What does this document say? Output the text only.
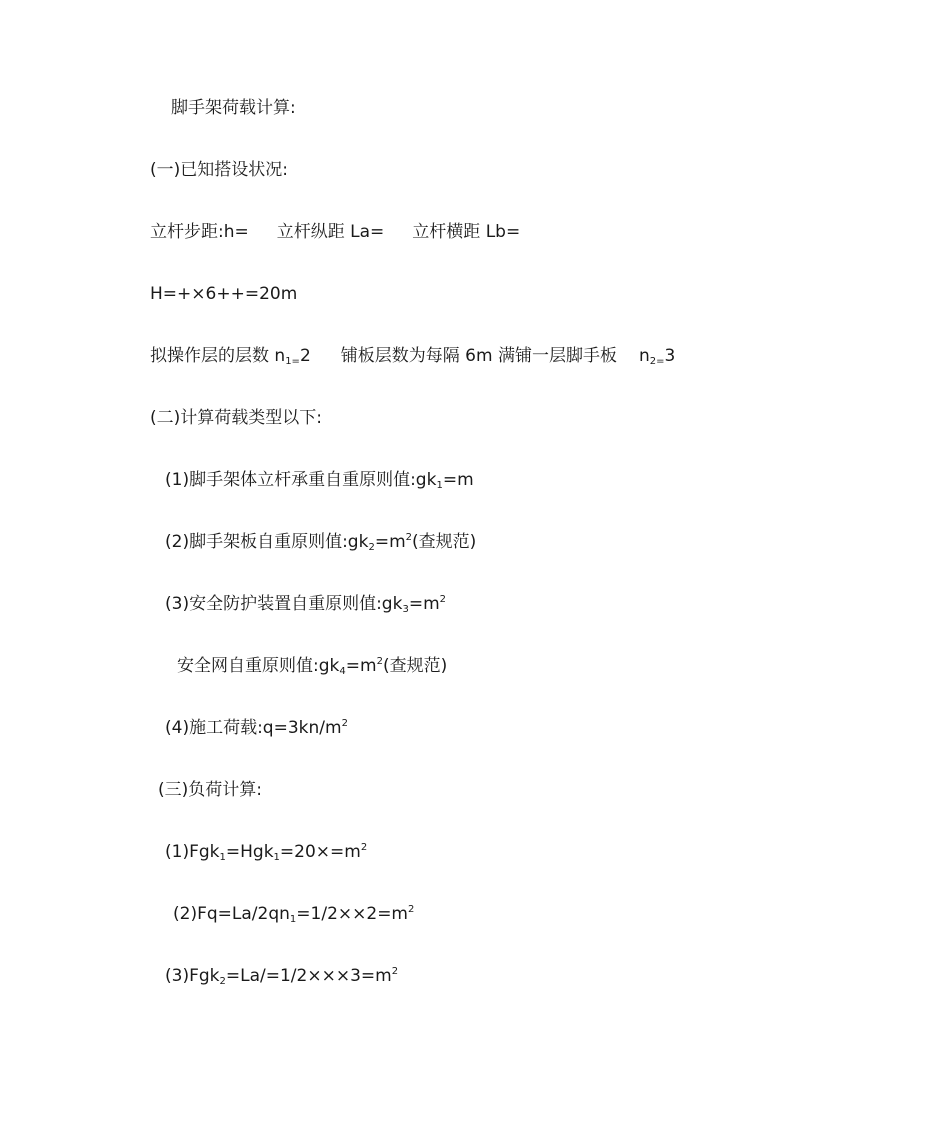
脚手架荷载计算:
(一)已知搭设状况:
立杆步距:h= 立杆纵距 La= 立杆横距 Lb=
H=+×6++=20m
拟操作层的层数 $n_{1=}2$ 铺板层数为每隔 6m 满铺一层脚手板 $n_{2=}3$
(二)计算荷载类型以下:
(1)脚手架体立杆承重自重原则值$:gk_1=m$
(2)脚手架板自重原则值$:gk_2=m^2$(查规范)
(3)安全防护装置自重原则值$:gk_3=m^2$
安全网自重原则值$:gk_4=m^2$(查规范)
(4)施工荷载$:q=3kn/m^2$
(三)负荷计算:
$(1)Fgk_1=Hgk_1=20\times=m^2$
$(2)Fq=La/2qn_1=1/2\times\times 2=m^2$
$(3)Fgk_2=La/=1/2\times\times\times 3=m^2$
